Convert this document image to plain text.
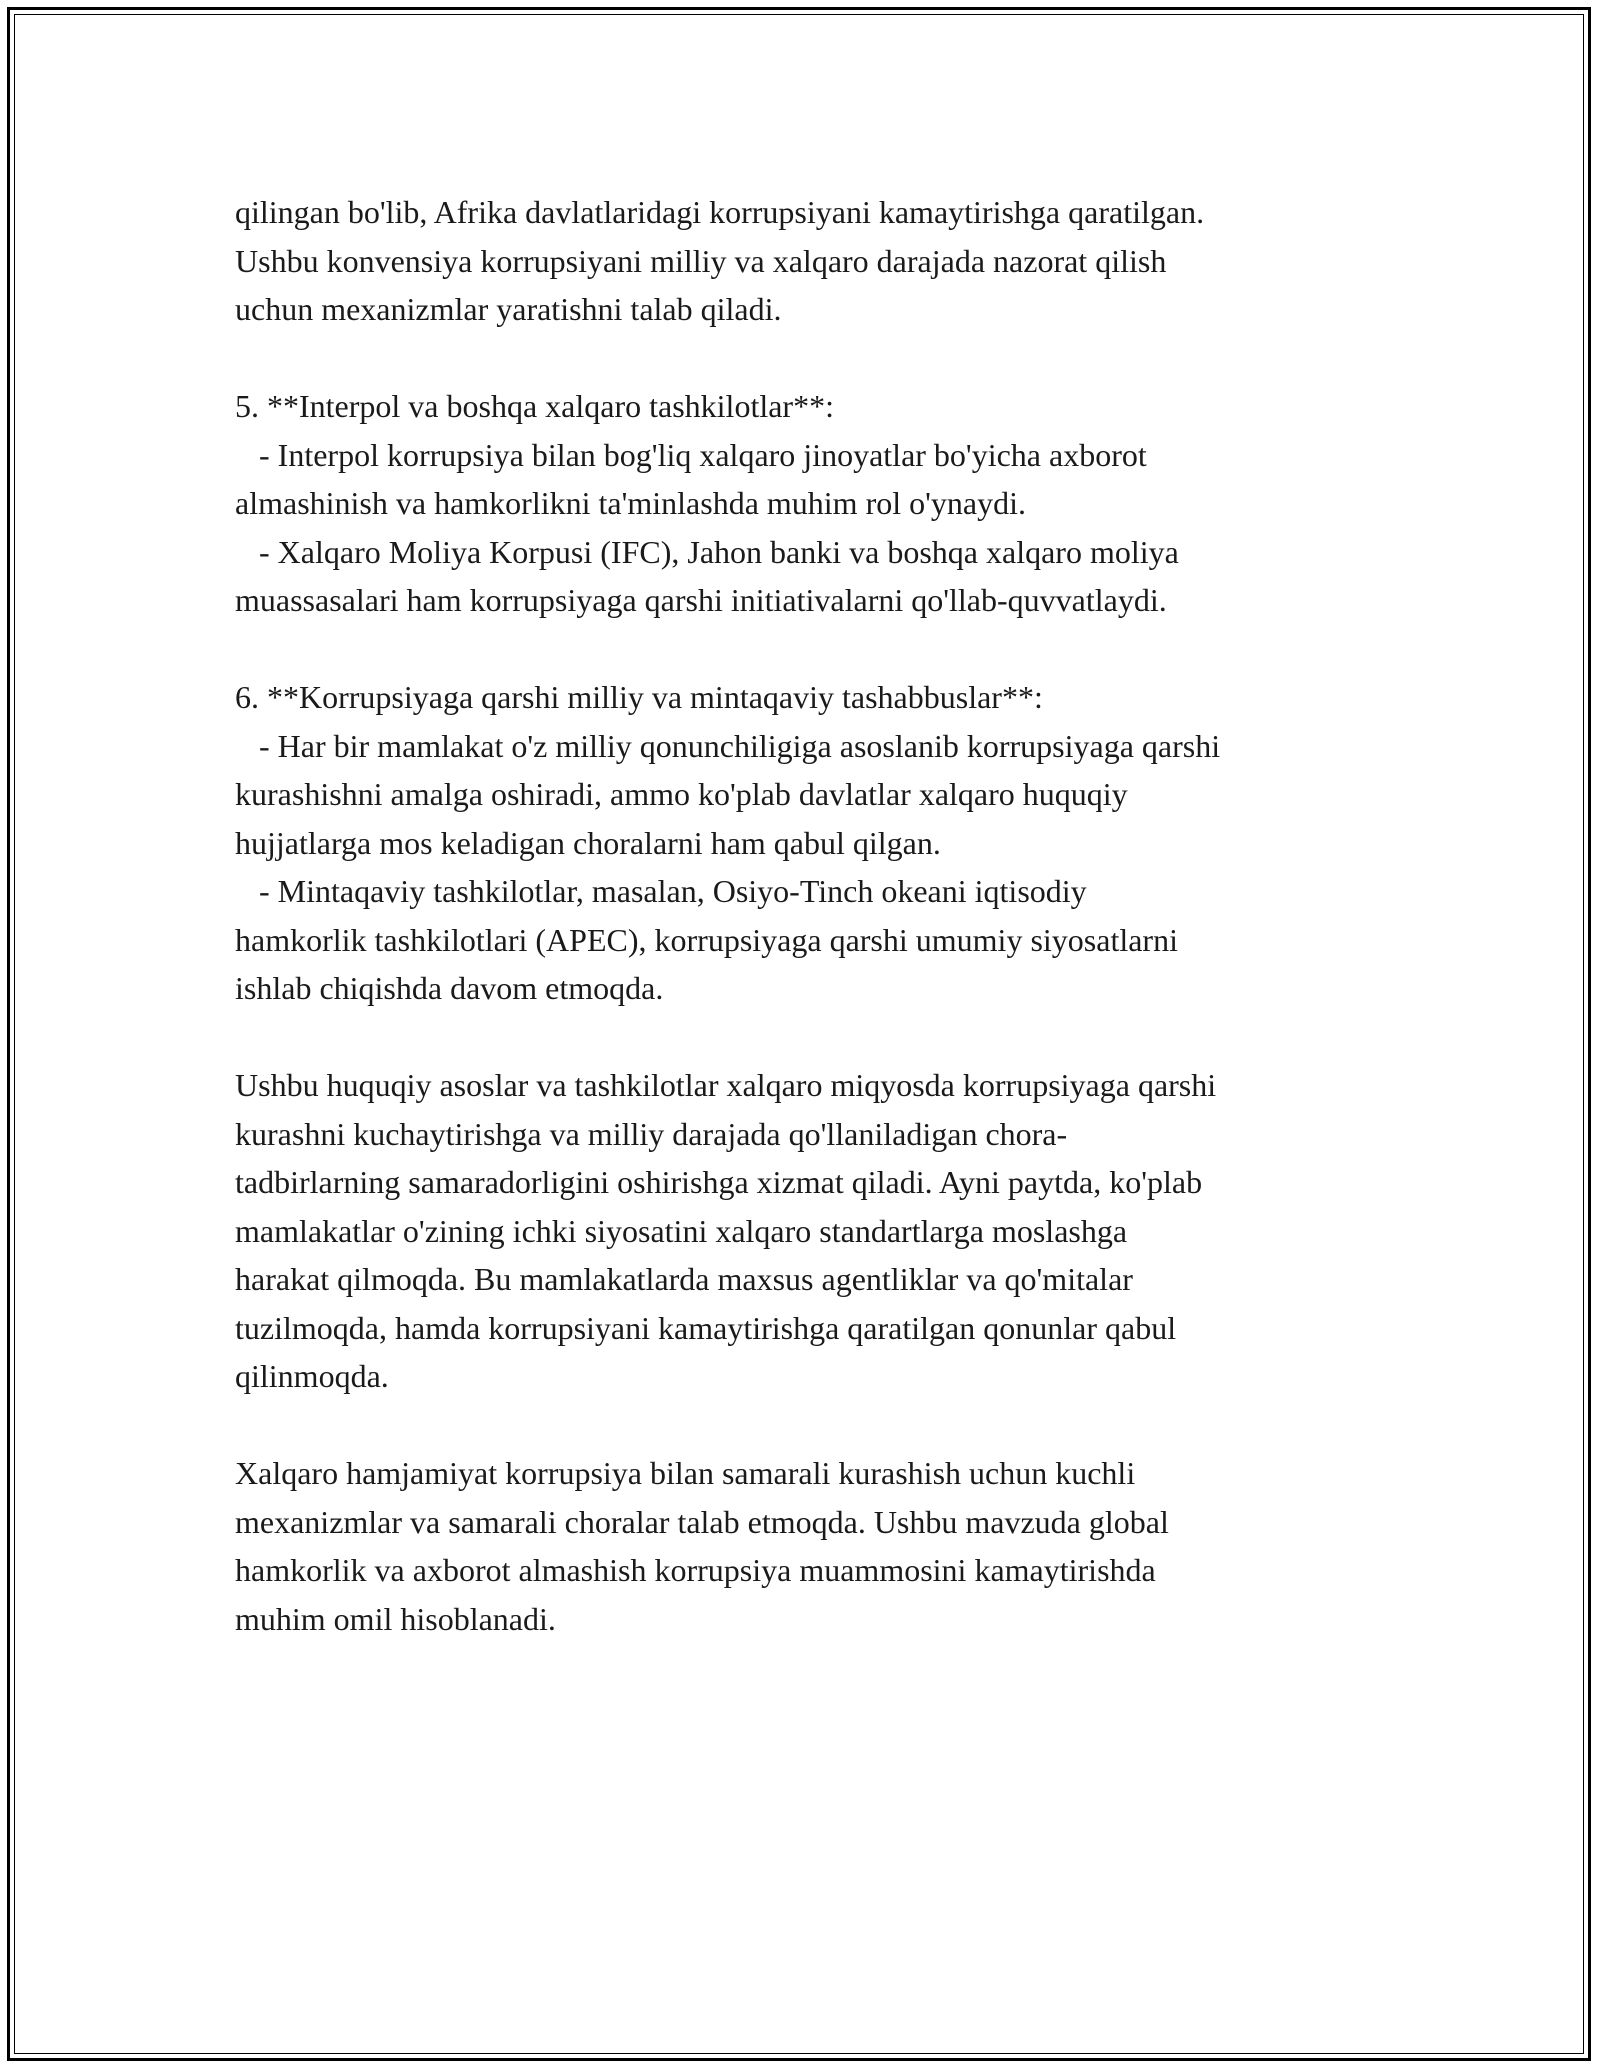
qilingan bo'lib, Afrika davlatlaridagi korrupsiyani kamaytirishga qaratilgan.
Ushbu konvensiya korrupsiyani milliy va xalqaro darajada nazorat qilish
uchun mexanizmlar yaratishni talab qiladi.
5. **Interpol va boshqa xalqaro tashkilotlar**:
- Interpol korrupsiya bilan bog'liq xalqaro jinoyatlar bo'yicha axborot
almashinish va hamkorlikni ta'minlashda muhim rol o'ynaydi.
- Xalqaro Moliya Korpusi (IFC), Jahon banki va boshqa xalqaro moliya
muassasalari ham korrupsiyaga qarshi initiativalarni qo'llab-quvvatlaydi.
6. **Korrupsiyaga qarshi milliy va mintaqaviy tashabbuslar**:
- Har bir mamlakat o'z milliy qonunchiligiga asoslanib korrupsiyaga qarshi
kurashishni amalga oshiradi, ammo ko'plab davlatlar xalqaro huquqiy
hujjatlarga mos keladigan choralarni ham qabul qilgan.
- Mintaqaviy tashkilotlar, masalan, Osiyo-Tinch okeani iqtisodiy
hamkorlik tashkilotlari (APEC), korrupsiyaga qarshi umumiy siyosatlarni
ishlab chiqishda davom etmoqda.
Ushbu huquqiy asoslar va tashkilotlar xalqaro miqyosda korrupsiyaga qarshi
kurashni kuchaytirishga va milliy darajada qo'llaniladigan chora-
tadbirlarning samaradorligini oshirishga xizmat qiladi. Ayni paytda, ko'plab
mamlakatlar o'zining ichki siyosatini xalqaro standartlarga moslashga
harakat qilmoqda. Bu mamlakatlarda maxsus agentliklar va qo'mitalar
tuzilmoqda, hamda korrupsiyani kamaytirishga qaratilgan qonunlar qabul
qilinmoqda.
Xalqaro hamjamiyat korrupsiya bilan samarali kurashish uchun kuchli
mexanizmlar va samarali choralar talab etmoqda. Ushbu mavzuda global
hamkorlik va axborot almashish korrupsiya muammosini kamaytirishda
muhim omil hisoblanadi.
